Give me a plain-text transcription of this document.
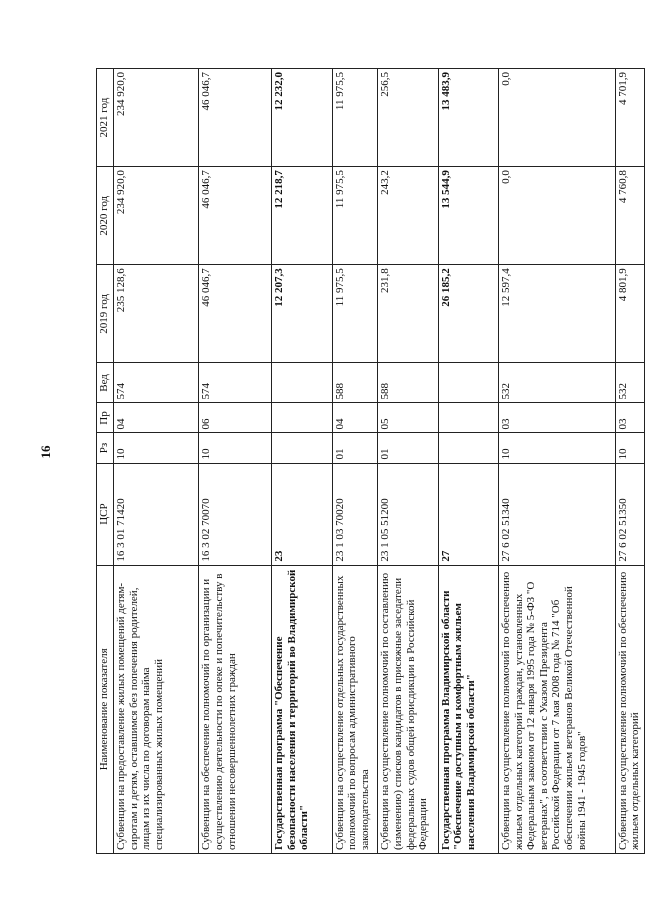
16
Наименование показателя	ЦСР	Рз	Пр	Вед	2019 год	2020 год	2021 год
Субвенции на предоставление жилых помещений детям-сиротам и детям, оставшимся без попечения родителей, лицам из их числа по договорам найма специализированных жилых помещений	16 3 01 71420	10	04	574	235 128,6	234 920,0	234 920,0
Субвенции на обеспечение полномочий по организации и осуществлению деятельности по опеке и попечительству в отношении несовершеннолетних граждан	16 3 02 70070	10	06	574	46 046,7	46 046,7	46 046,7
Государственная программа "Обеспечение безопасности населения и территорий во Владимирской области"	23				12 207,3	12 218,7	12 232,0
Субвенции на осуществление отдельных государственных полномочий по вопросам административного законодательства	23 1 03 70020	01	04	588	11 975,5	11 975,5	11 975,5
Субвенции на осуществление полномочий по составлению (изменению) списков кандидатов в присяжные заседатели федеральных судов общей юрисдикции в Российской Федерации	23 1 05 51200	01	05	588	231,8	243,2	256,5
Государственная программа Владимирской области "Обеспечение доступным и комфортным жильем населения Владимирской области"	27				26 185,2	13 544,9	13 483,9
Субвенции на осуществление полномочий по обеспечению жильем отдельных категорий граждан, установленных Федеральным законом от 12 января 1995 года № 5-ФЗ "О ветеранах", в соответствии с Указом Президента Российской Федерации от 7 мая 2008 года № 714 "Об обеспечении жильем ветеранов Великой Отечественной войны 1941 - 1945 годов"	27 6 02 51340	10	03	532	12 597,4	0,0	0,0
Субвенции на осуществление полномочий по обеспечению жильем отдельных категорий	27 6 02 51350	10	03	532	4 801,9	4 760,8	4 701,9
